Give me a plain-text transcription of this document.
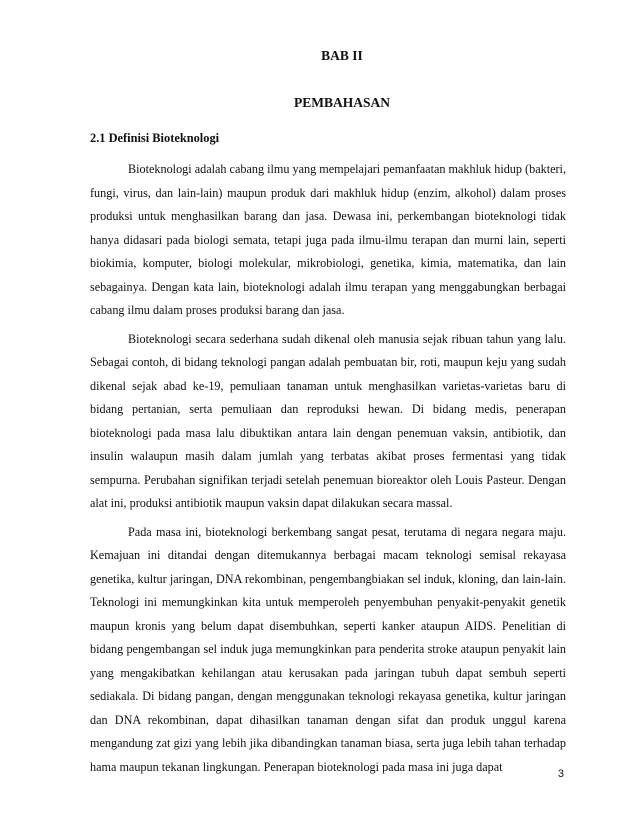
BAB II
PEMBAHASAN
2.1 Definisi Bioteknologi

Bioteknologi adalah cabang ilmu yang mempelajari pemanfaatan makhluk hidup (bakteri, fungi, virus, dan lain-lain) maupun produk dari makhluk hidup (enzim, alkohol) dalam proses produksi untuk menghasilkan barang dan jasa. Dewasa ini, perkembangan bioteknologi tidak hanya didasari pada biologi semata, tetapi juga pada ilmu-ilmu terapan dan murni lain, seperti biokimia, komputer, biologi molekular, mikrobiologi, genetika, kimia, matematika, dan lain sebagainya. Dengan kata lain, bioteknologi adalah ilmu terapan yang menggabungkan berbagai cabang ilmu dalam proses produksi barang dan jasa.

Bioteknologi secara sederhana sudah dikenal oleh manusia sejak ribuan tahun yang lalu. Sebagai contoh, di bidang teknologi pangan adalah pembuatan bir, roti, maupun keju yang sudah dikenal sejak abad ke-19, pemuliaan tanaman untuk menghasilkan varietas-varietas baru di bidang pertanian, serta pemuliaan dan reproduksi hewan. Di bidang medis, penerapan bioteknologi pada masa lalu dibuktikan antara lain dengan penemuan vaksin, antibiotik, dan insulin walaupun masih dalam jumlah yang terbatas akibat proses fermentasi yang tidak sempurna. Perubahan signifikan terjadi setelah penemuan bioreaktor oleh Louis Pasteur. Dengan alat ini, produksi antibiotik maupun vaksin dapat dilakukan secara massal.

Pada masa ini, bioteknologi berkembang sangat pesat, terutama di negara negara maju. Kemajuan ini ditandai dengan ditemukannya berbagai macam teknologi semisal rekayasa genetika, kultur jaringan, DNA rekombinan, pengembangbiakan sel induk, kloning, dan lain-lain. Teknologi ini memungkinkan kita untuk memperoleh penyembuhan penyakit-penyakit genetik maupun kronis yang belum dapat disembuhkan, seperti kanker ataupun AIDS. Penelitian di bidang pengembangan sel induk juga memungkinkan para penderita stroke ataupun penyakit lain yang mengakibatkan kehilangan atau kerusakan pada jaringan tubuh dapat sembuh seperti sediakala. Di bidang pangan, dengan menggunakan teknologi rekayasa genetika, kultur jaringan dan DNA rekombinan, dapat dihasilkan tanaman dengan sifat dan produk unggul karena mengandung zat gizi yang lebih jika dibandingkan tanaman biasa, serta juga lebih tahan terhadap hama maupun tekanan lingkungan. Penerapan bioteknologi pada masa ini juga dapat

3
